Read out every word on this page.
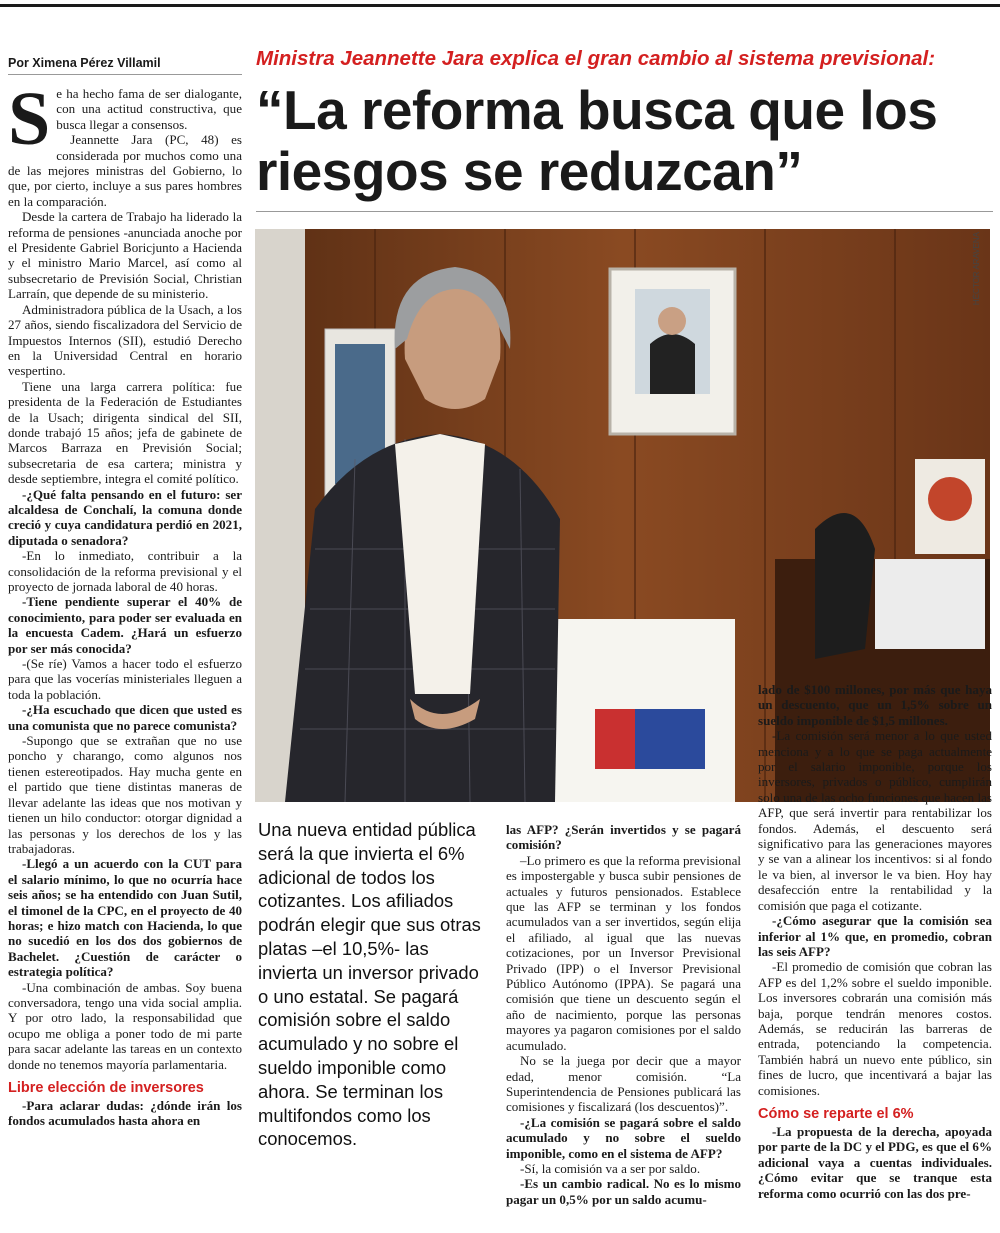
Por Ximena Pérez Villamil	Ministra Jeannette Jara explica el gran cambio al sistema previsional:
“La reforma busca que los riesgos se reduzcan”
S e ha hecho fama de ser dialogante, con una actitud constructiva, que busca llegar a consensos.

Jeannette Jara (PC, 48) es considerada por muchos como una de las mejores ministras del Gobierno, lo que, por cierto, incluye a sus pares hombres en la comparación.

Desde la cartera de Trabajo ha liderado la reforma de pensiones -anunciada anoche por el Presidente Gabriel Boricjunto a Hacienda y el ministro Mario Marcel, así como al subsecretario de Previsión Social, Christian Larraín, que depende de su ministerio.

Administradora pública de la Usach, a los 27 años, siendo fiscalizadora del Servicio de Impuestos Internos (SII), estudió Derecho en la Universidad Central en horario vespertino.

Tiene una larga carrera política: fue presidenta de la Federación de Estudiantes de la Usach; dirigenta sindical del SII, donde trabajó 15 años; jefa de gabinete de Marcos Barraza en Previsión Social; subsecretaria de esa cartera; ministra y desde septiembre, integra el comité político.

-¿Qué falta pensando en el futuro: ser alcaldesa de Conchalí, la comuna donde creció y cuya candidatura perdió en 2021, diputada o senadora?

-En lo inmediato, contribuir a la consolidación de la reforma previsional y el proyecto de jornada laboral de 40 horas.

-Tiene pendiente superar el 40% de conocimiento, para poder ser evaluada en la encuesta Cadem. ¿Hará un esfuerzo por ser más conocida?

-(Se ríe) Vamos a hacer todo el esfuerzo para que las vocerías ministeriales lleguen a toda la población.

-¿Ha escuchado que dicen que usted es una comunista que no parece comunista?

-Supongo que se extrañan que no use poncho y charango, como algunos nos tienen estereotipados. Hay mucha gente en el partido que tiene distintas maneras de llevar adelante las ideas que nos motivan y tienen un hilo conductor: otorgar dignidad a las personas y los derechos de los y las trabajadoras.

-Llegó a un acuerdo con la CUT para el salario mínimo, lo que no ocurría hace seis años; se ha entendido con Juan Sutil, el timonel de la CPC, en el proyecto de 40 horas; e hizo match con Hacienda, lo que no sucedió en los dos dos gobiernos de Bachelet. ¿Cuestión de carácter o estrategia política?

-Una combinación de ambas. Soy buena conversadora, tengo una vida social amplia. Y por otro lado, la responsabilidad que ocupo me obliga a poner todo de mi parte para sacar adelante las tareas en un contexto donde no tenemos mayoría parlamentaria.

Libre elección de inversores

-Para aclarar dudas: ¿dónde irán los fondos acumulados hasta ahora en

HÉCTOR ARAVENA
Una nueva entidad pública será la que invierta el 6% adicional de todos los cotizantes. Los afiliados podrán elegir que sus otras platas –el 10,5%- las invierta un inversor privado o uno estatal. Se pagará comisión sobre el saldo acumulado y no sobre el sueldo imponible como ahora. Se terminan los multifondos como los conocemos.

las AFP? ¿Serán invertidos y se pagará comisión?

–Lo primero es que la reforma previsional es impostergable y busca subir pensiones de actuales y futuros pensionados. Establece que las AFP se terminan y los fondos acumulados van a ser invertidos, según elija el afiliado, al igual que las nuevas cotizaciones, por un Inversor Previsional Privado (IPP) o el Inversor Previsional Público Autónomo (IPPA). Se pagará una comisión que tiene un descuento según el año de nacimiento, porque las personas mayores ya pagaron comisiones por el saldo acumulado.

No se la juega por decir que a mayor edad, menor comisión. “La Superintendencia de Pensiones publicará las comisiones y fiscalizará (los descuentos)”.

-¿La comisión se pagará sobre el saldo acumulado y no sobre el sueldo imponible, como en el sistema de AFP?

-Sí, la comisión va a ser por saldo.

-Es un cambio radical. No es lo mismo pagar un 0,5% por un saldo acumu-

lado de $100 millones, por más que haya un descuento, que un 1,5% sobre un sueldo imponible de $1,5 millones.

-La comisión será menor a lo que usted menciona y a lo que se paga actualmente por el salario imponible, porque los inversores, privados o público, cumplirán solo una de las ocho funciones que hacen las AFP, que será invertir para rentabilizar los fondos. Además, el descuento será significativo para las generaciones mayores y se van a alinear los incentivos: si al fondo le va bien, al inversor le va bien. Hoy hay desafección entre la rentabilidad y la comisión que paga el cotizante.

-¿Cómo asegurar que la comisión sea inferior al 1% que, en promedio, cobran las seis AFP?

-El promedio de comisión que cobran las AFP es del 1,2% sobre el sueldo imponible. Los inversores cobrarán una comisión más baja, porque tendrán menores costos. Además, se reducirán las barreras de entrada, potenciando la competencia. También habrá un nuevo ente público, sin fines de lucro, que incentivará a bajar las comisiones.

Cómo se reparte el 6%

-La propuesta de la derecha, apoyada por parte de la DC y el PDG, es que el 6% adicional vaya a cuentas individuales. ¿Cómo evitar que se tranque esta reforma como ocurrió con las dos pre-
